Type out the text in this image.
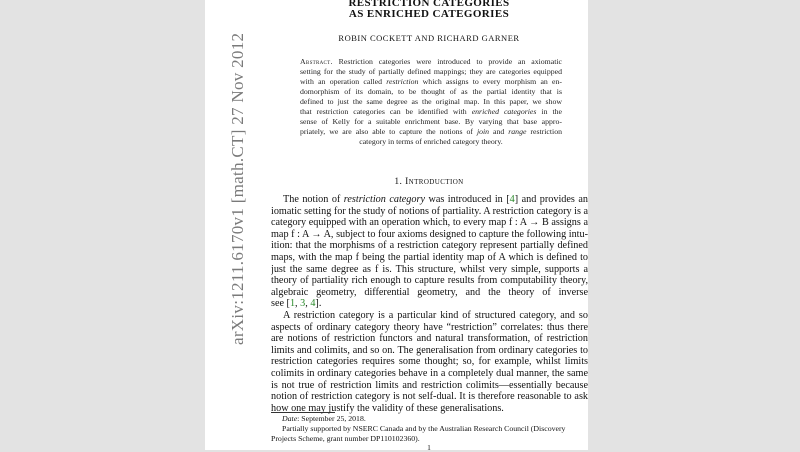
arXiv:1211.6170v1 [math.CT] 27 Nov 2012
RESTRICTION CATEGORIES
AS ENRICHED CATEGORIES
ROBIN COCKETT AND RICHARD GARNER
Abstract. Restriction categories were introduced to provide an axiomatic
setting for the study of partially defined mappings; they are categories equipped
with an operation called restriction which assigns to every morphism an en-
domorphism of its domain, to be thought of as the partial identity that is
defined to just the same degree as the original map. In this paper, we show
that restriction categories can be identified with enriched categories in the
sense of Kelly for a suitable enrichment base. By varying that base appro-
priately, we are also able to capture the notions of join and range restriction
category in terms of enriched category theory.
1. Introduction
The notion of restriction category was introduced in [4] and provides an
iomatic setting for the study of notions of partiality. A restriction category is a
category equipped with an operation which, to every map f : A → B assigns a
map f̄ : A → A, subject to four axioms designed to capture the following intu-
ition: that the morphisms of a restriction category represent partially defined
maps, with the map f̄ being the partial identity map of A which is defined to
just the same degree as f is. This structure, whilst very simple, supports a
theory of partiality rich enough to capture results from computability theory,
algebraic geometry, differential geometry, and the theory of inverse
see [1, 3, 4].
A restriction category is a particular kind of structured category, and so
aspects of ordinary category theory have “restriction” correlates: thus there
are notions of restriction functors and natural transformation, of restriction
limits and colimits, and so on. The generalisation from ordinary categories to
restriction categories requires some thought; so, for example, whilst limits
colimits in ordinary categories behave in a completely dual manner, the same
is not true of restriction limits and restriction colimits—essentially because
notion of restriction category is not self-dual. It is therefore reasonable to ask
how one may justify the validity of these generalisations.
Date: September 25, 2018.
Partially supported by NSERC Canada and by the Australian Research Council (Discovery
Projects Scheme, grant number DP110102360).
1
